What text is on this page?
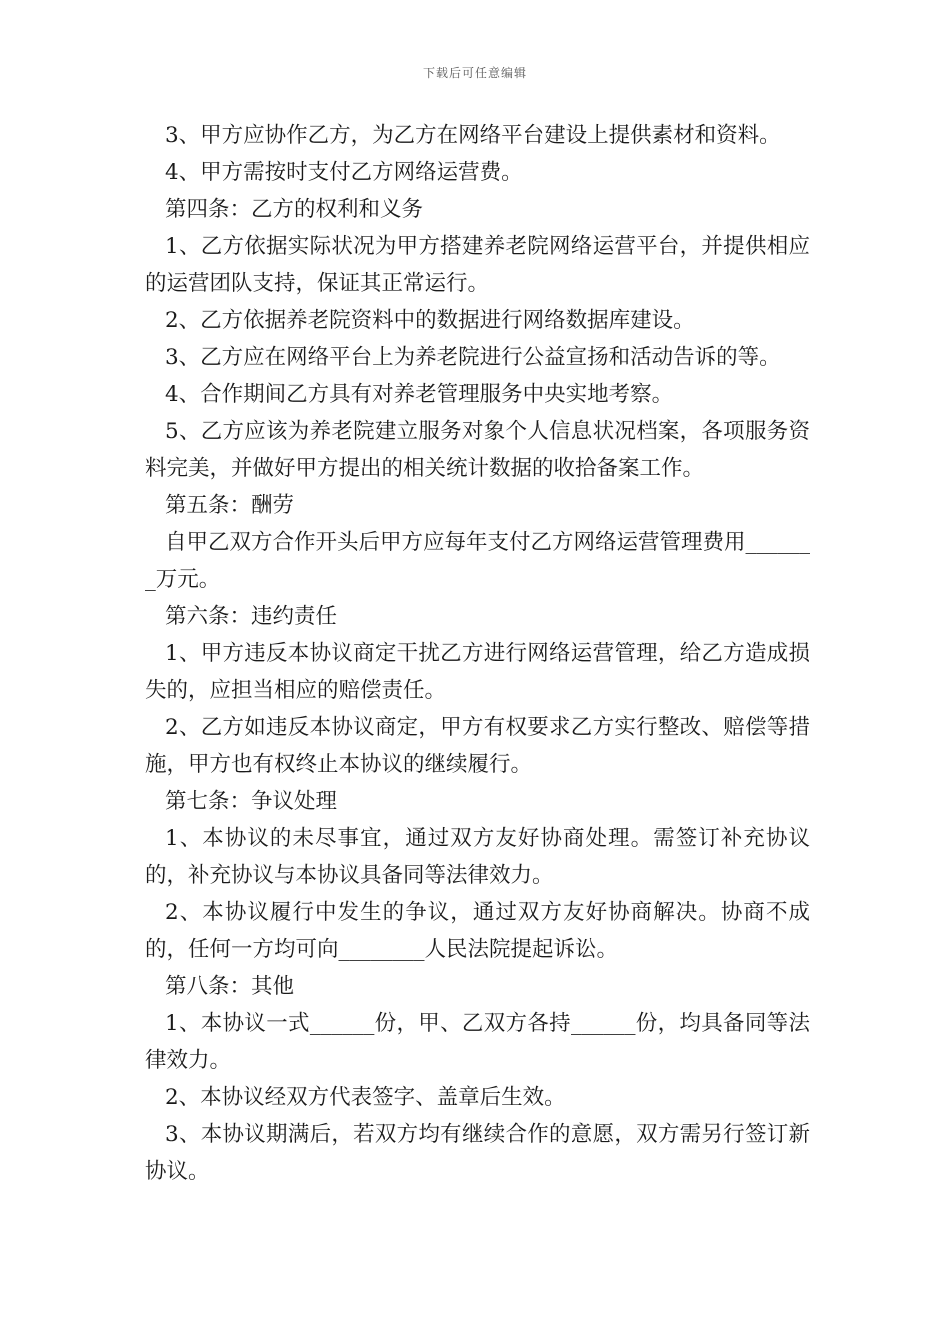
下载后可任意编辑

3、甲方应协作乙方，为乙方在网络平台建设上提供素材和资料。

4、甲方需按时支付乙方网络运营费。

第四条：乙方的权利和义务

1、乙方依据实际状况为甲方搭建养老院网络运营平台，并提供相应的运营团队支持，保证其正常运行。

2、乙方依据养老院资料中的数据进行网络数据库建设。

3、乙方应在网络平台上为养老院进行公益宣扬和活动告诉的等。

4、合作期间乙方具有对养老管理服务中央实地考察。

5、乙方应该为养老院建立服务对象个人信息状况档案，各项服务资料完美，并做好甲方提出的相关统计数据的收拾备案工作。

第五条：酬劳

自甲乙双方合作开头后甲方应每年支付乙方网络运营管理费用_______万元。

第六条：违约责任

1、甲方违反本协议商定干扰乙方进行网络运营管理，给乙方造成损失的，应担当相应的赔偿责任。

2、乙方如违反本协议商定，甲方有权要求乙方实行整改、赔偿等措施，甲方也有权终止本协议的继续履行。

第七条：争议处理

1、本协议的未尽事宜，通过双方友好协商处理。需签订补充协议的，补充协议与本协议具备同等法律效力。

2、本协议履行中发生的争议，通过双方友好协商解决。协商不成的，任何一方均可向________人民法院提起诉讼。

第八条：其他

1、本协议一式______份，甲、乙双方各持______份，均具备同等法律效力。

2、本协议经双方代表签字、盖章后生效。

3、本协议期满后，若双方均有继续合作的意愿，双方需另行签订新协议。
